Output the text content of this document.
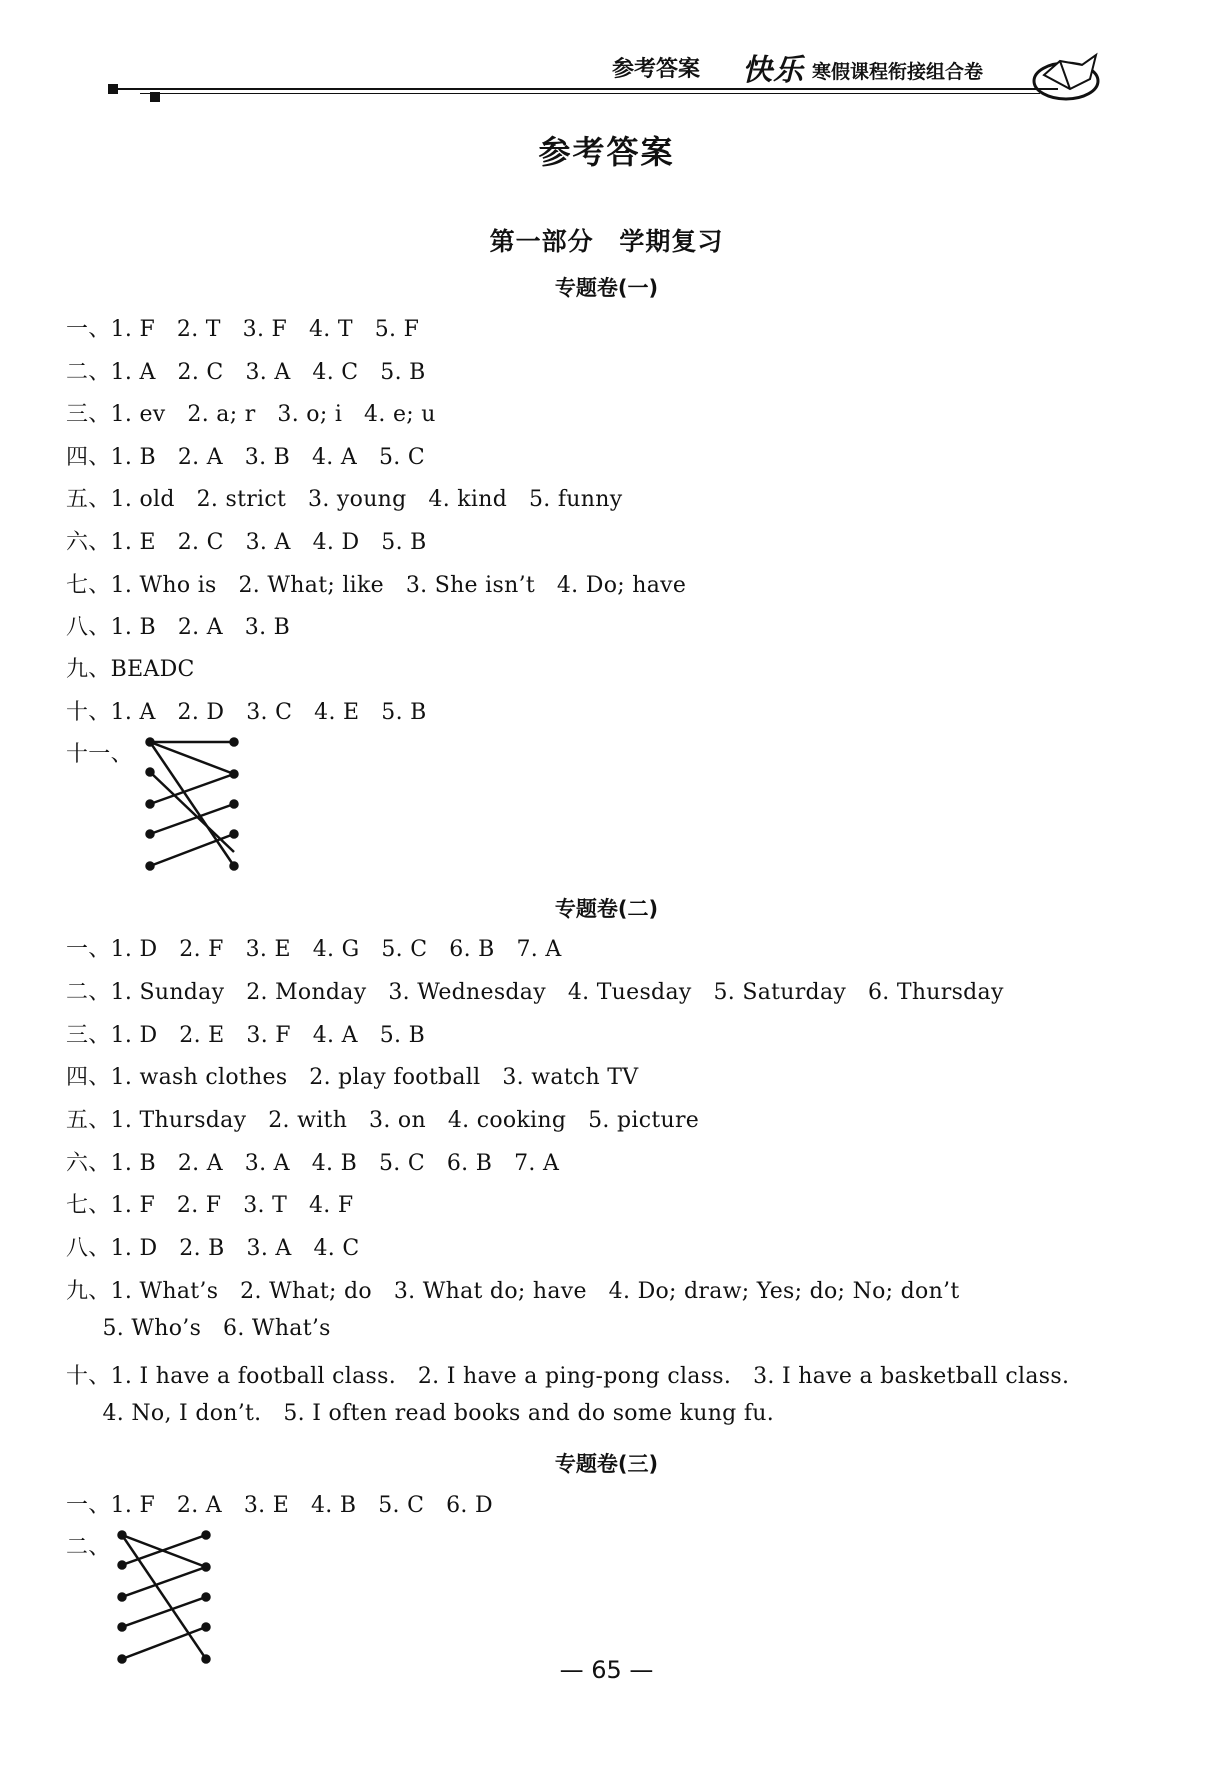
参考答案 快乐 寒假课程衔接组合卷
参考答案
第一部分 学期复习
专题卷(一)
一、1. F   2. T   3. F   4. T   5. F
二、1. A   2. C   3. A   4. C   5. B
三、1. ev   2. a; r   3. o; i   4. e; u
四、1. B   2. A   3. B   4. A   5. C
五、1. old   2. strict   3. young   4. kind   5. funny
六、1. E   2. C   3. A   4. D   5. B
七、1. Who is   2. What; like   3. She isn’t   4. Do; have
八、1. B   2. A   3. B
九、BEADC
十、1. A   2. D   3. C   4. E   5. B
十一、
专题卷(二)
一、1. D   2. F   3. E   4. G   5. C   6. B   7. A
二、1. Sunday   2. Monday   3. Wednesday   4. Tuesday   5. Saturday   6. Thursday
三、1. D   2. E   3. F   4. A   5. B
四、1. wash clothes   2. play football   3. watch TV
五、1. Thursday   2. with   3. on   4. cooking   5. picture
六、1. B   2. A   3. A   4. B   5. C   6. B   7. A
七、1. F   2. F   3. T   4. F
八、1. D   2. B   3. A   4. C
九、1. What’s   2. What; do   3. What do; have   4. Do; draw; Yes; do; No; don’t
5. Who’s   6. What’s
十、1. I have a football class.   2. I have a ping-pong class.   3. I have a basketball class.
4. No, I don’t.   5. I often read books and do some kung fu.
专题卷(三)
一、1. F   2. A   3. E   4. B   5. C   6. D
二、
— 65 —
